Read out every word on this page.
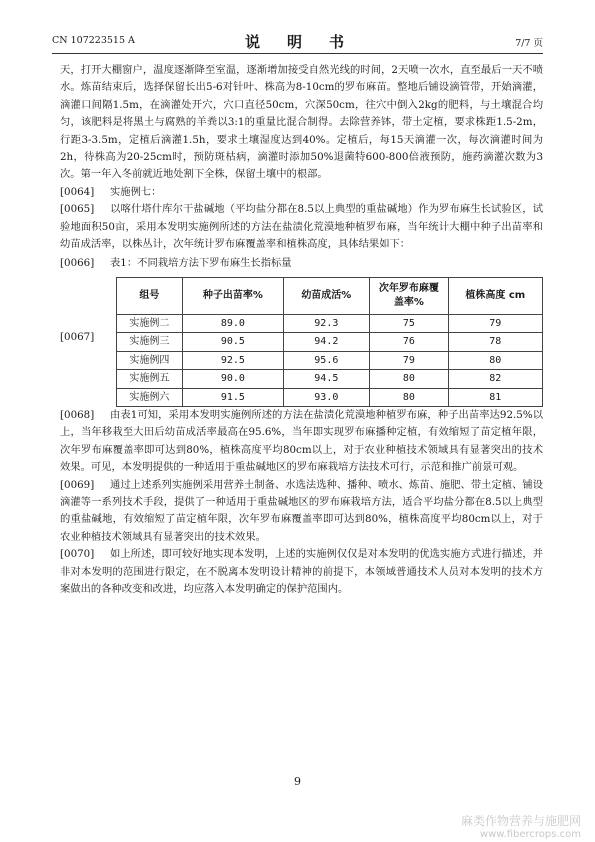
CN 107223515 A	说　明　书	7/7 页

天，打开大棚窗户，温度逐渐降至室温，逐渐增加接受自然光线的时间，2天喷一次水，直至最后一天不喷水。炼苗结束后，选择保留长出5-6对针叶、株高为8-10cm的罗布麻苗。整地后铺设滴管带，开始滴灌，滴灌口间隔1.5m，在滴灌处开穴，穴口直径50cm，穴深50cm，往穴中倒入2kg的肥料，与土壤混合均匀，该肥料是将黑土与腐熟的羊粪以3:1的重量比混合制得。去除营养钵，带土定植，要求株距1.5-2m，行距3-3.5m，定植后滴灌1.5h，要求土壤湿度达到40%。定植后，每15天滴灌一次，每次滴灌时间为2h，待株高为20-25cm时，预防斑枯病，滴灌时添加50%退菌特600-800倍液预防，施药滴灌次数为3次。第一年入冬前就近地处割下全株，保留土壤中的根部。

[0064] 实施例七：

[0065] 以喀什塔什库尔干盐碱地（平均盐分都在8.5以上典型的重盐碱地）作为罗布麻生长试验区，试验地面积50亩，采用本发明实施例所述的方法在盐渍化荒漠地种植罗布麻，当年统计大棚中种子出苗率和幼苗成活率，以株丛计，次年统计罗布麻覆盖率和植株高度，具体结果如下：

[0066] 表1：不同栽培方法下罗布麻生长指标量

[0067]
组号	种子出苗率%	幼苗成活%	次年罗布麻覆盖率%	植株高度 cm
实施例二	89.0	92.3	75	79
实施例三	90.5	94.2	76	78
实施例四	92.5	95.6	79	80
实施例五	90.0	94.5	80	82
实施例六	91.5	93.0	80	81

[0068] 由表1可知，采用本发明实施例所述的方法在盐渍化荒漠地种植罗布麻，种子出苗率达92.5%以上，当年移栽至大田后幼苗成活率最高在95.6%，当年即实现罗布麻播种定植，有效缩短了苗定植年限，次年罗布麻覆盖率即可达到80%，植株高度平均80cm以上，对于农业种植技术领域具有显著突出的技术效果。可见，本发明提供的一种适用于重盐碱地区的罗布麻栽培方法技术可行，示范和推广前景可观。

[0069] 通过上述系列实施例采用营养土制备、水选法选种、播种、喷水、炼苗、施肥、带土定植、铺设滴灌等一系列技术手段，提供了一种适用于重盐碱地区的罗布麻栽培方法，适合平均盐分都在8.5以上典型的重盐碱地，有效缩短了苗定植年限，次年罗布麻覆盖率即可达到80%，植株高度平均80cm以上，对于农业种植技术领域具有显著突出的技术效果。

[0070] 如上所述，即可较好地实现本发明，上述的实施例仅仅是对本发明的优选实施方式进行描述，并非对本发明的范围进行限定，在不脱离本发明设计精神的前提下，本领域普通技术人员对本发明的技术方案做出的各种改变和改进，均应落入本发明确定的保护范围内。

9
麻类作物营养与施肥网
www.fibercrops.com
